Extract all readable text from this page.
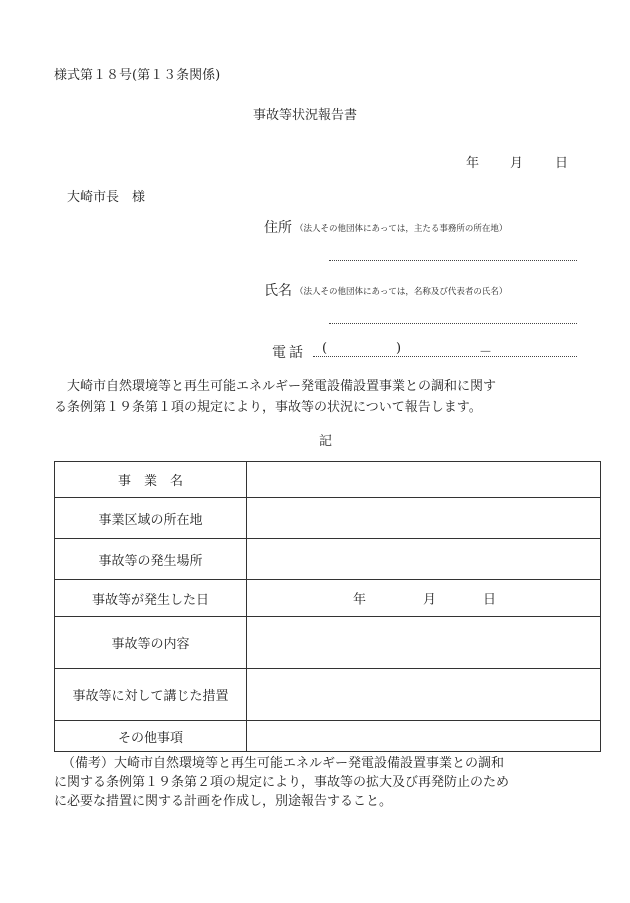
様式第１８号(第１３条関係)
事故等状況報告書
年 月 日
大崎市長　様
住所 （法人その他団体にあっては，主たる事務所の所在地）
氏名 （法人その他団体にあっては，名称及び代表者の氏名）
電話 (	)	－
大崎市自然環境等と再生可能エネルギー発電設備設置事業との調和に関す
る条例第１９条第１項の規定により，事故等の状況について報告します。
記
事　業　名	
事業区域の所在地	
事故等の発生場所	
事故等が発生した日	年 月 日

事故等の内容	
事故等に対して講じた措置	
その他事項	
（備考）大崎市自然環境等と再生可能エネルギー発電設備設置事業との調和
に関する条例第１９条第２項の規定により，事故等の拡大及び再発防止のため
に必要な措置に関する計画を作成し，別途報告すること。
